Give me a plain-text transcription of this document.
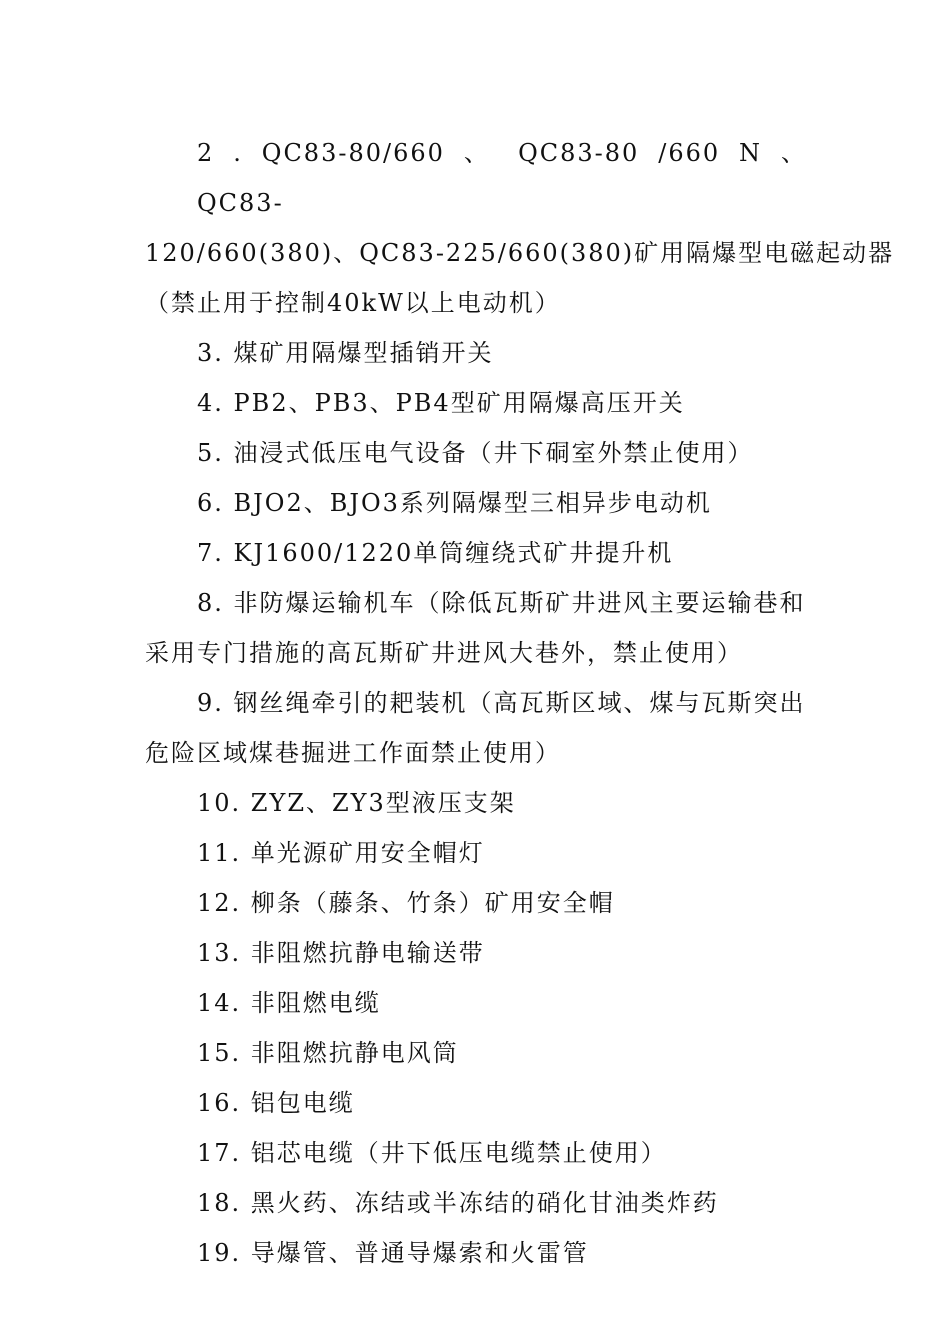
2 . QC83-80/660 、 QC83-80 /660 N 、 QC83-
120/660(380)、QC83-225/660(380)矿用隔爆型电磁起动器
（禁止用于控制40kW以上电动机）
3. 煤矿用隔爆型插销开关
4. PB2、PB3、PB4型矿用隔爆高压开关
5. 油浸式低压电气设备（井下硐室外禁止使用）
6. BJO2、BJO3系列隔爆型三相异步电动机
7. KJ1600/1220单筒缠绕式矿井提升机
8. 非防爆运输机车（除低瓦斯矿井进风主要运输巷和
采用专门措施的高瓦斯矿井进风大巷外，禁止使用）
9. 钢丝绳牵引的耙装机（高瓦斯区域、煤与瓦斯突出
危险区域煤巷掘进工作面禁止使用）
10. ZYZ、ZY3型液压支架
11. 单光源矿用安全帽灯
12. 柳条（藤条、竹条）矿用安全帽
13. 非阻燃抗静电输送带
14. 非阻燃电缆
15. 非阻燃抗静电风筒
16. 铝包电缆
17. 铝芯电缆（井下低压电缆禁止使用）
18. 黑火药、冻结或半冻结的硝化甘油类炸药
19. 导爆管、普通导爆索和火雷管
